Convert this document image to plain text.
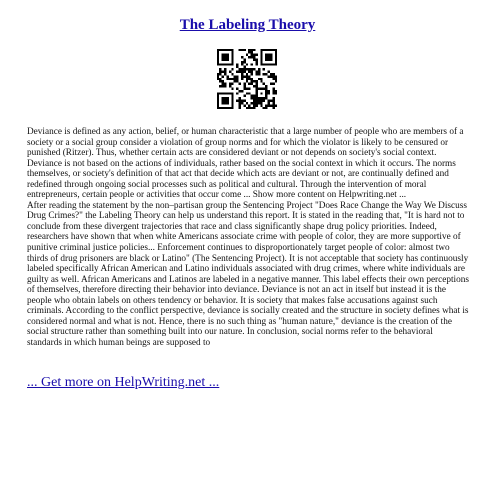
The Labeling Theory

Deviance is defined as any action, belief, or human characteristic that a large number of people who are members of a society or a social group consider a violation of group norms and for which the violator is likely to be censured or punished (Ritzer). Thus, whether certain acts are considered deviant or not depends on society's social context. Deviance is not based on the actions of individuals, rather based on the social context in which it occurs. The norms themselves, or society's definition of that act that decide which acts are deviant or not, are continually defined and redefined through ongoing social processes such as political and cultural. Through the intervention of moral entrepreneurs, certain people or activities that occur come ... Show more content on Helpwriting.net ...

After reading the statement by the non–partisan group the Sentencing Project "Does Race Change the Way We Discuss Drug Crimes?" the Labeling Theory can help us understand this report. It is stated in the reading that, "It is hard not to conclude from these divergent trajectories that race and class significantly shape drug policy priorities. Indeed, researchers have shown that when white Americans associate crime with people of color, they are more supportive of punitive criminal justice policies... Enforcement continues to disproportionately target people of color: almost two thirds of drug prisoners are black or Latino" (The Sentencing Project). It is not acceptable that society has continuously labeled specifically African American and Latino individuals associated with drug crimes, where white individuals are guilty as well. African Americans and Latinos are labeled in a negative manner. This label effects their own perceptions of themselves, therefore directing their behavior into deviance. Deviance is not an act in itself but instead it is the people who obtain labels on others tendency or behavior. It is society that makes false accusations against such criminals. According to the conflict perspective, deviance is socially created and the structure in society defines what is considered normal and what is not. Hence, there is no such thing as "human nature," deviance is the creation of the social structure rather than something built into our nature. In conclusion, social norms refer to the behavioral standards in which human beings are supposed to

... Get more on HelpWriting.net ...
